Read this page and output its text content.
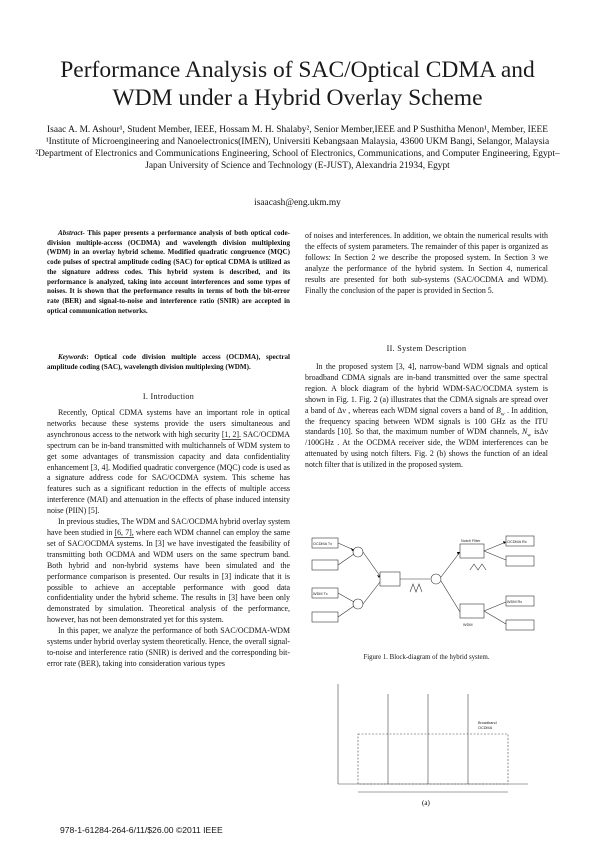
Performance Analysis of SAC/Optical CDMA and WDM under a Hybrid Overlay Scheme
Isaac A. M. Ashour¹, Student Member, IEEE, Hossam M. H. Shalaby², Senior Member,IEEE and P Susthitha Menon¹, Member, IEEE
¹Institute of Microengineering and Nanoelectronics(IMEN), Universiti Kebangsaan Malaysia, 43600 UKM Bangi, Selangor, Malaysia
²Department of Electronics and Communications Engineering, School of Electronics, Communications, and Computer Engineering, Egypt–Japan University of Science and Technology (E-JUST), Alexandria 21934, Egypt
isaacash@eng.ukm.my
Abstract- This paper presents a performance analysis of both optical code-division multiple-access (OCDMA) and wavelength division multiplexing (WDM) in an overlay hybrid scheme. Modified quadratic congruence (MQC) code pulses of spectral amplitude coding (SAC) for optical CDMA is utilized as the signature address codes. This hybrid system is described, and its performance is analyzed, taking into account interferences and some types of noises. It is shown that the performance results in terms of both the bit-error rate (BER) and signal-to-noise and interference ratio (SNIR) are accepted in optical communication networks.
Keywords: Optical code division multiple access (OCDMA), spectral amplitude coding (SAC), wavelength division multiplexing (WDM).
I. Introduction

Recently, Optical CDMA systems have an important role in optical networks because these systems provide the users simultaneous and asynchronous access to the network with high security [1, 2]. SAC/OCDMA spectrum can be in-band transmitted with multichannels of WDM system to get some advantages of transmission capacity and data confidentiality enhancement [3, 4]. Modified quadratic convergence (MQC) code is used as a signature address code for SAC/OCDMA system. This scheme has features such as a significant reduction in the effects of multiple access interference (MAI) and attenuation in the effects of phase induced intensity noise (PIIN) [5].

In previous studies, The WDM and SAC/OCDMA hybrid overlay system have been studied in [6, 7], where each WDM channel can employ the same set of SAC/OCDMA systems. In [3] we have investigated the feasibility of transmitting both OCDMA and WDM users on the same spectrum band. Both hybrid and non-hybrid systems have been simulated and the performance comparison is presented. Our results in [3] indicate that it is possible to achieve an acceptable performance with good data confidentiality under the hybrid scheme. The results in [3] have been only demonstrated by simulation. Theoretical analysis of the performance, however, has not been demonstrated yet for this system.

In this paper, we analyze the performance of both SAC/OCDMA-WDM systems under hybrid overlay system theoretically. Hence, the overall signal-to-noise and interference ratio (SNIR) is derived and the corresponding bit-error rate (BER), taking into consideration various types

of noises and interferences. In addition, we obtain the numerical results with the effects of system parameters. The remainder of this paper is organized as follows: In Section 2 we describe the proposed system. In Section 3 we analyze the performance of the hybrid system. In Section 4, numerical results are presented for both sub-systems (SAC/OCDMA and WDM). Finally the conclusion of the paper is provided in Section 5.

II. System Description

In the proposed system [3, 4], narrow-band WDM signals and optical broadband CDMA signals are in-band transmitted over the same spectral region. A block diagram of the hybrid WDM-SAC/OCDMA system is shown in Fig. 1. Fig. 2 (a) illustrates that the CDMA signals are spread over a band of Δν , whereas each WDM signal covers a band of $B_w$ . In addition, the frequency spacing between WDM signals is 100 GHz as the ITU standards [10]. So that, the maximum number of WDM channels, $N_w$ isΔν /100GHz . At the OCDMA receiver side, the WDM interferences can be attenuated by using notch filters. Fig. 2 (b) shows the function of an ideal notch filter that is utilized in the proposed system.

OCDMA Tx
WDM Tx
OCDMA Rx
WDM Rx
Notch Filter
WDM
Figure 1. Block-diagram of the hybrid system.
Broadband
OCDMA
(a)
978-1-61284-264-6/11/$26.00 ©2011 IEEE
